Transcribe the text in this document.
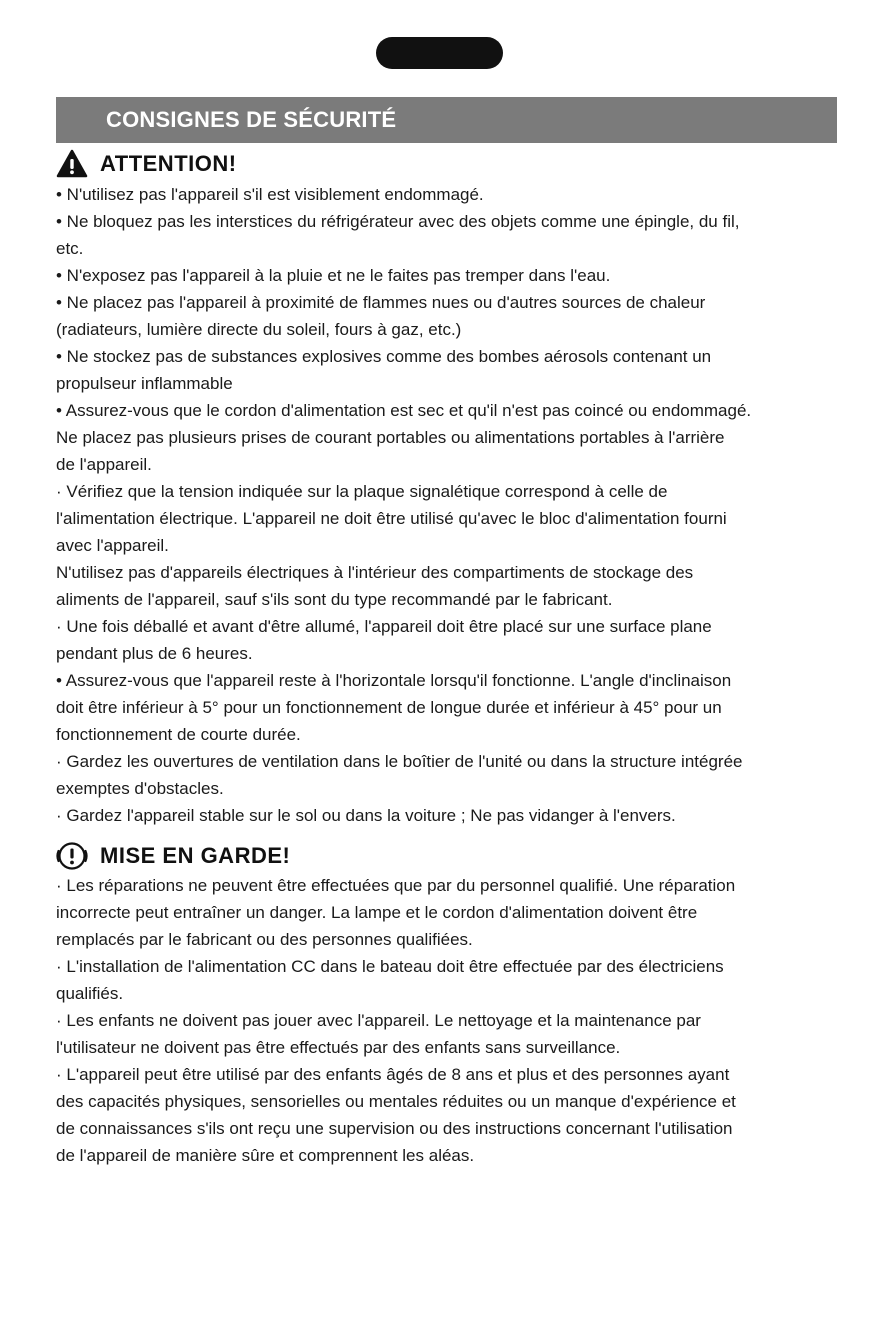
CONSIGNES DE SÉCURITÉ
ATTENTION!
• N'utilisez pas l'appareil s'il est visiblement endommagé.
• Ne bloquez pas les interstices du réfrigérateur avec des objets comme une épingle, du fil,
etc.
• N'exposez pas l'appareil à la pluie et ne le faites pas tremper dans l'eau.
• Ne placez pas l'appareil à proximité de flammes nues ou d'autres sources de chaleur
(radiateurs, lumière directe du soleil, fours à gaz, etc.)
• Ne stockez pas de substances explosives comme des bombes aérosols contenant un
propulseur inflammable
• Assurez-vous que le cordon d'alimentation est sec et qu'il n'est pas coincé ou endommagé.
Ne placez pas plusieurs prises de courant portables ou alimentations portables à l'arrière
de l'appareil.
· Vérifiez que la tension indiquée sur la plaque signalétique correspond à celle de
l'alimentation électrique. L'appareil ne doit être utilisé qu'avec le bloc d'alimentation fourni
avec l'appareil.
N'utilisez pas d'appareils électriques à l'intérieur des compartiments de stockage des
aliments de l'appareil, sauf s'ils sont du type recommandé par le fabricant.
· Une fois déballé et avant d'être allumé, l'appareil doit être placé sur une surface plane
pendant plus de 6 heures.
• Assurez-vous que l'appareil reste à l'horizontale lorsqu'il fonctionne. L'angle d'inclinaison
doit être inférieur à 5° pour un fonctionnement de longue durée et inférieur à 45° pour un
fonctionnement de courte durée.
· Gardez les ouvertures de ventilation dans le boîtier de l'unité ou dans la structure intégrée
exemptes d'obstacles.
· Gardez l'appareil stable sur le sol ou dans la voiture ; Ne pas vidanger à l'envers.
MISE EN GARDE!
· Les réparations ne peuvent être effectuées que par du personnel qualifié. Une réparation
incorrecte peut entraîner un danger. La lampe et le cordon d'alimentation doivent être
remplacés par le fabricant ou des personnes qualifiées.
· L'installation de l'alimentation CC dans le bateau doit être effectuée par des électriciens
qualifiés.
· Les enfants ne doivent pas jouer avec l'appareil. Le nettoyage et la maintenance par
l'utilisateur ne doivent pas être effectués par des enfants sans surveillance.
· L'appareil peut être utilisé par des enfants âgés de 8 ans et plus et des personnes ayant
des capacités physiques, sensorielles ou mentales réduites ou un manque d'expérience et
de connaissances s'ils ont reçu une supervision ou des instructions concernant l'utilisation
de l'appareil de manière sûre et comprennent les aléas.
